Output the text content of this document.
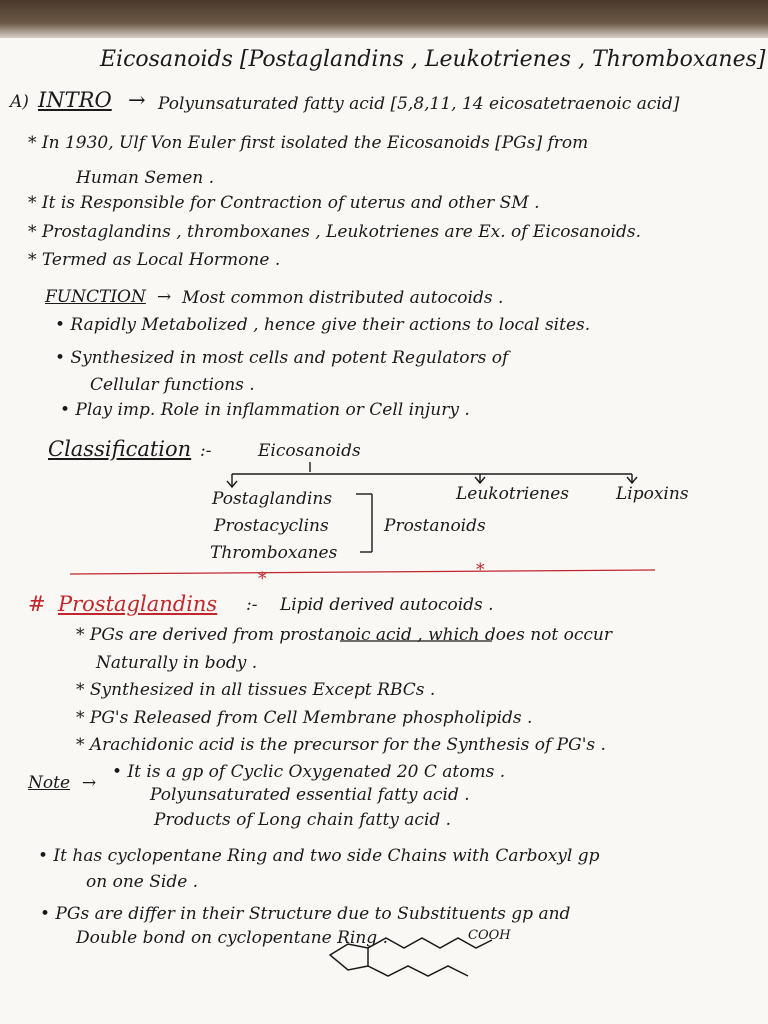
Eicosanoids [Postaglandins , Leukotrienes , Thromboxanes]
A) INTRO → Polyunsaturated fatty acid [5,8,11, 14 eicosatetraenoic acid]
* In 1930, Ulf Von Euler first isolated the Eicosanoids [PGs] from
Human Semen .
* It is Responsible for Contraction of uterus and other SM .
* Prostaglandins , thromboxanes , Leukotrienes are Ex. of Eicosanoids.
* Termed as Local Hormone .
FUNCTION → Most common distributed autocoids .
• Rapidly Metabolized , hence give their actions to local sites.
• Synthesized in most cells and potent Regulators of
Cellular functions .
• Play imp. Role in inflammation or Cell injury .
Classification :-	Eicosanoids
Leukotrienes	Lipoxins
Postaglandins
Prostacyclins
Thromboxanes
Prostanoids
*	*
# Prostaglandins :- Lipid derived autocoids .
* PGs are derived from prostanoic acid , which does not occur
Naturally in body .
* Synthesized in all tissues Except RBCs .
* PG's Released from Cell Membrane phospholipids .
* Arachidonic acid is the precursor for the Synthesis of PG's .
Note →
• It is a gp of Cyclic Oxygenated 20 C atoms .
Polyunsaturated essential fatty acid .
Products of Long chain fatty acid .
• It has cyclopentane Ring and two side Chains with Carboxyl gp
on one Side .
• PGs are differ in their Structure due to Substituents gp and
Double bond on cyclopentane Ring .	COOH
